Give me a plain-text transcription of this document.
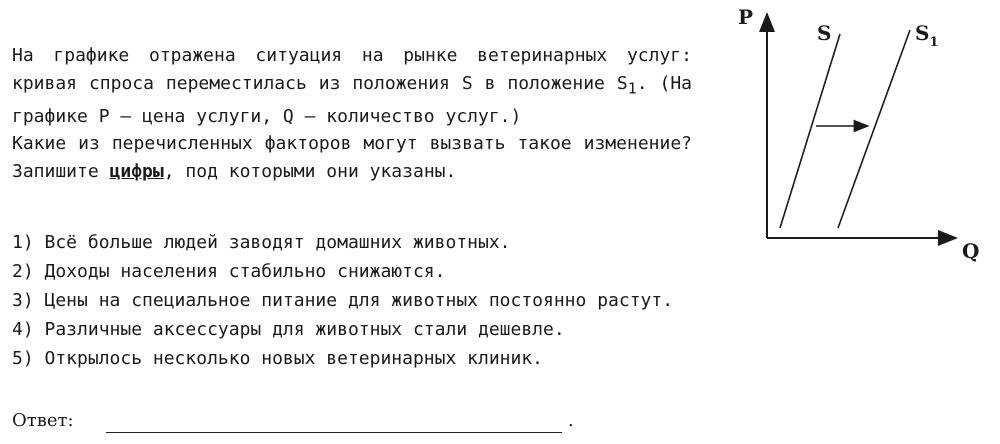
На графике отражена ситуация на рынке ветеринарных услуг: кривая спроса переместилась из положения S в положение $S_1$. (На графике P — цена услуги, Q — количество услуг.)

Какие из перечисленных факторов могут вызвать такое изменение? Запишите цифры, под которыми они указаны.

1) Всё больше людей заводят домашних животных.
2) Доходы населения стабильно снижаются.
3) Цены на специальное питание для животных постоянно растут.
4) Различные аксессуары для животных стали дешевле.
5) Открылось несколько новых ветеринарных клиник.
Ответ:	.
P
Q
S	$S_1$
